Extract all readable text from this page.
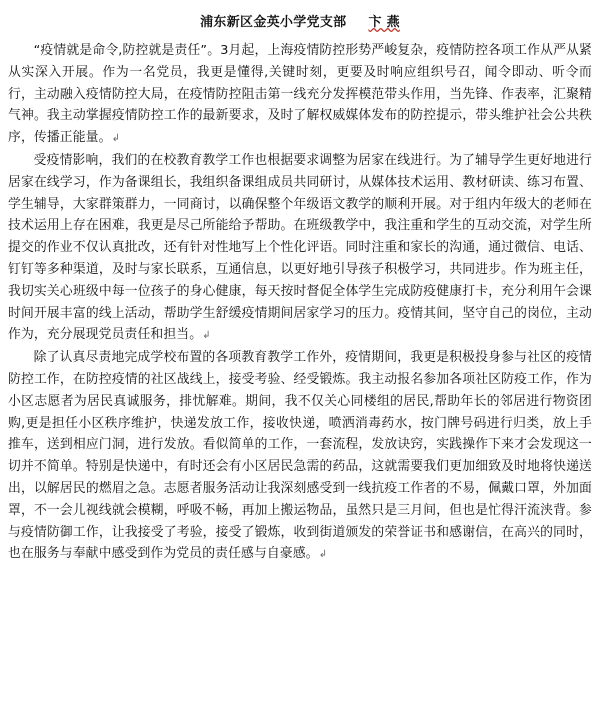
浦东新区金英小学党支部 卞 燕

“疫情就是命令,防控就是责任”。3月起，上海疫情防控形势严峻复杂，疫情防控各项工作从严从紧从实深入开展。作为一名党员，我更是懂得,关键时刻，更要及时响应组织号召，闻令即动、听令而行，主动融入疫情防控大局，在疫情防控阻击第一线充分发挥模范带头作用，当先锋、作表率，汇聚精气神。我主动掌握疫情防控工作的最新要求，及时了解权威媒体发布的防控提示，带头维护社会公共秩序，传播正能量。↲

受疫情影响，我们的在校教育教学工作也根据要求调整为居家在线进行。为了辅导学生更好地进行居家在线学习，作为备课组长，我组织备课组成员共同研讨，从媒体技术运用、教材研读、练习布置、学生辅导，大家群策群力，一同商讨，以确保整个年级语文教学的顺利开展。对于组内年级大的老师在技术运用上存在困难，我更是尽己所能给予帮助。在班级教学中，我注重和学生的互动交流，对学生所提交的作业不仅认真批改，还有针对性地写上个性化评语。同时注重和家长的沟通，通过微信、电话、钉钉等多种渠道，及时与家长联系，互通信息，以更好地引导孩子积极学习，共同进步。作为班主任，我切实关心班级中每一位孩子的身心健康，每天按时督促全体学生完成防疫健康打卡，充分利用午会课时间开展丰富的线上活动，帮助学生舒缓疫情期间居家学习的压力。疫情其间，坚守自己的岗位，主动作为，充分展现党员责任和担当。↲

除了认真尽责地完成学校布置的各项教育教学工作外，疫情期间，我更是积极投身参与社区的疫情防控工作，在防控疫情的社区战线上，接受考验、经受锻炼。我主动报名参加各项社区防疫工作，作为小区志愿者为居民真诚服务，排忧解难。期间，我不仅关心同楼组的居民,帮助年长的邻居进行物资团购,更是担任小区秩序维护，快递发放工作，接收快递，喷洒消毒药水，按门牌号码进行归类，放上手推车，送到相应门洞，进行发放。看似简单的工作，一套流程，发放诀窍，实践操作下来才会发现这一切并不简单。特别是快递中，有时还会有小区居民急需的药品，这就需要我们更加细致及时地将快递送出，以解居民的燃眉之急。志愿者服务活动让我深刻感受到一线抗疫工作者的不易，佩戴口罩，外加面罩，不一会儿视线就会模糊，呼吸不畅，再加上搬运物品，虽然只是三月间，但也是忙得汗流浃背。参与疫情防御工作，让我接受了考验，接受了锻炼，收到街道颁发的荣誉证书和感谢信，在高兴的同时，也在服务与奉献中感受到作为党员的责任感与自豪感。↲
